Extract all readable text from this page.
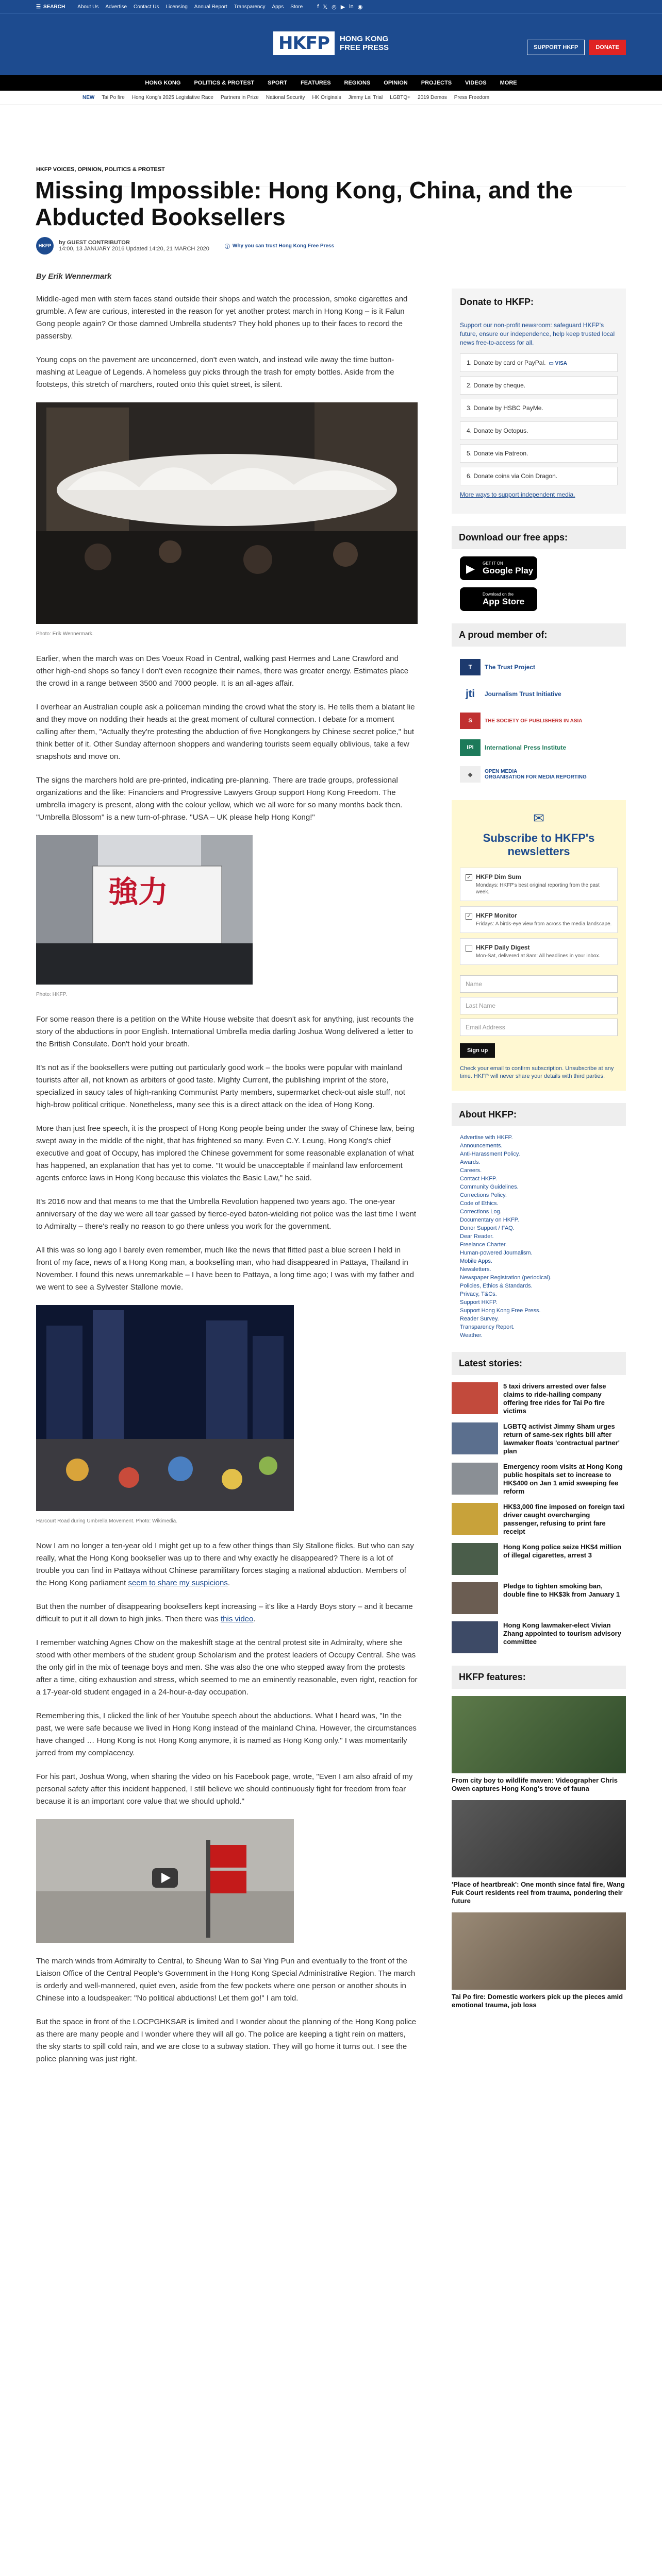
☰ SEARCH About Us Advertise Contact Us Licensing Annual Report Transparency Apps Store	f 𝕏 ◎ ▶ in ◉
HKFP	HONG KONG
FREE PRESS	SUPPORT HKFP	DONATE
HONG KONG POLITICS & PROTEST SPORT FEATURES REGIONS OPINION PROJECTS VIDEOS MORE
NEW Tai Po fire Hong Kong's 2025 Legislative Race Partners in Prize National Security HK Originals Jimmy Lai Trial LGBTQ+ 2019 Demos Press Freedom
HKFP VOICES, OPINION, POLITICS & PROTEST
Missing Impossible: Hong Kong, China, and the Abducted Booksellers
HKFP	by GUEST CONTRIBUTOR
14:00, 13 JANUARY 2016 Updated 14:20, 21 MARCH 2020	ⓘ Why you can trust Hong Kong Free Press
By Erik Wennermark

Middle-aged men with stern faces stand outside their shops and watch the procession, smoke cigarettes and grumble. A few are curious, interested in the reason for yet another protest march in Hong Kong – is it Falun Gong people again? Or those damned Umbrella students? They hold phones up to their faces to record the passersby.

Young cops on the pavement are unconcerned, don't even watch, and instead wile away the time button-mashing at League of Legends. A homeless guy picks through the trash for empty bottles. Aside from the footsteps, this stretch of marchers, routed onto this quiet street, is silent.

Photo: Erik Wennermark.

Earlier, when the march was on Des Voeux Road in Central, walking past Hermes and Lane Crawford and other high-end shops so fancy I don't even recognize their names, there was greater energy. Estimates place the crowd in a range between 3500 and 7000 people. It is an all-ages affair.

I overhear an Australian couple ask a policeman minding the crowd what the story is. He tells them a blatant lie and they move on nodding their heads at the great moment of cultural connection. I debate for a moment calling after them, "Actually they're protesting the abduction of five Hongkongers by Chinese secret police," but think better of it. Other Sunday afternoon shoppers and wandering tourists seem equally oblivious, take a few snapshots and move on.

The signs the marchers hold are pre-printed, indicating pre-planning. There are trade groups, professional organizations and the like: Financiers and Progressive Lawyers Group support Hong Kong Freedom. The umbrella imagery is present, along with the colour yellow, which we all wore for so many months back then. "Umbrella Blossom" is a new turn-of-phrase. "USA – UK please help Hong Kong!"

強力
Photo: HKFP.

For some reason there is a petition on the White House website that doesn't ask for anything, just recounts the story of the abductions in poor English. International Umbrella media darling Joshua Wong delivered a letter to the British Consulate. Don't hold your breath.

It's not as if the booksellers were putting out particularly good work – the books were popular with mainland tourists after all, not known as arbiters of good taste. Mighty Current, the publishing imprint of the store, specialized in saucy tales of high-ranking Communist Party members, supermarket check-out aisle stuff, not high-brow political critique. Nonetheless, many see this is a direct attack on the idea of Hong Kong.

More than just free speech, it is the prospect of Hong Kong people being under the sway of Chinese law, being swept away in the middle of the night, that has frightened so many. Even C.Y. Leung, Hong Kong's chief executive and goat of Occupy, has implored the Chinese government for some reasonable explanation of what has happened, an explanation that has yet to come. "It would be unacceptable if mainland law enforcement agents enforce laws in Hong Kong because this violates the Basic Law," he said.

It's 2016 now and that means to me that the Umbrella Revolution happened two years ago. The one-year anniversary of the day we were all tear gassed by fierce-eyed baton-wielding riot police was the last time I went to Admiralty – there's really no reason to go there unless you work for the government.

All this was so long ago I barely even remember, much like the news that flitted past a blue screen I held in front of my face, news of a Hong Kong man, a bookselling man, who had disappeared in Pattaya, Thailand in November. I found this news unremarkable – I have been to Pattaya, a long time ago; I was with my father and we went to see a Sylvester Stallone movie.

Harcourt Road during Umbrella Movement. Photo: Wikimedia.

Now I am no longer a ten-year old I might get up to a few other things than Sly Stallone flicks. But who can say really, what the Hong Kong bookseller was up to there and why exactly he disappeared? There is a lot of trouble you can find in Pattaya without Chinese paramilitary forces staging a national abduction. Members of the Hong Kong parliament seem to share my suspicions.

But then the number of disappearing booksellers kept increasing – it's like a Hardy Boys story – and it became difficult to put it all down to high jinks. Then there was this video.

I remember watching Agnes Chow on the makeshift stage at the central protest site in Admiralty, where she stood with other members of the student group Scholarism and the protest leaders of Occupy Central. She was the only girl in the mix of teenage boys and men. She was also the one who stepped away from the protests after a time, citing exhaustion and stress, which seemed to me an eminently reasonable, even right, reaction for a 17-year-old student engaged in a 24-hour-a-day occupation.

Remembering this, I clicked the link of her Youtube speech about the abductions. What I heard was, "In the past, we were safe because we lived in Hong Kong instead of the mainland China. However, the circumstances have changed … Hong Kong is not Hong Kong anymore, it is named as Hong Kong only." I was momentarily jarred from my complacency.

For his part, Joshua Wong, when sharing the video on his Facebook page, wrote, "Even I am also afraid of my personal safety after this incident happened, I still believe we should continuously fight for freedom from fear because it is an important core value that we should uphold."

The march winds from Admiralty to Central, to Sheung Wan to Sai Ying Pun and eventually to the front of the Liaison Office of the Central People's Government in the Hong Kong Special Administrative Region. The march is orderly and well-mannered, quiet even, aside from the few pockets where one person or another shouts in Chinese into a loudspeaker: "No political abductions! Let them go!" I am told.

But the space in front of the LOCPGHKSAR is limited and I wonder about the planning of the Hong Kong police as there are many people and I wonder where they will all go. The police are keeping a tight rein on matters, the sky starts to spill cold rain, and we are close to a subway station. They will go home it turns out. I see the police planning was just right.

Donate to HKFP:

Support our non-profit newsroom: safeguard HKFP's future, ensure our independence, help keep trusted local news free-to-access for all.

1. Donate by card or PayPal. ▭ VISA
2. Donate by cheque.
3. Donate by HSBC PayMe.
4. Donate by Octopus.
5. Donate via Patreon.
6. Donate coins via Coin Dragon.

More ways to support independent media.

Download our free apps:
▶ GET IT ON
Google Play
Download on the
App Store
A proud member of:
T	The Trust Project
jti	Journalism Trust Initiative
S	THE SOCIETY OF PUBLISHERS IN ASIA
IPI	International Press Institute
◆	OPEN MEDIA
ORGANISATION FOR MEDIA REPORTING
✉
Subscribe to HKFP's newsletters
✓ HKFP Dim Sum
Mondays: HKFP's best original reporting from the past week.
✓ HKFP Monitor
Fridays: A birds-eye view from across the media landscape.
HKFP Daily Digest
Mon-Sat, delivered at 8am: All headlines in your inbox.
Name
Last Name
Email Address
Sign up

Check your email to confirm subscription. Unsubscribe at any time. HKFP will never share your details with third parties.

About HKFP:
Advertise with HKFP.
Announcements.
Anti-Harassment Policy.
Awards.
Careers.
Contact HKFP.
Community Guidelines.
Corrections Policy.
Code of Ethics.
Corrections Log.
Documentary on HKFP.
Donor Support / FAQ.
Dear Reader.
Freelance Charter.
Human-powered Journalism.
Mobile Apps.
Newsletters.
Newspaper Registration (periodical).
Policies, Ethics & Standards.
Privacy, T&Cs.
Support HKFP.
Support Hong Kong Free Press.
Reader Survey.
Transparency Report.
Weather.
Latest stories:
5 taxi drivers arrested over false claims to ride-hailing company offering free rides for Tai Po fire victims
LGBTQ activist Jimmy Sham urges return of same-sex rights bill after lawmaker floats 'contractual partner' plan
Emergency room visits at Hong Kong public hospitals set to increase to HK$400 on Jan 1 amid sweeping fee reform
HK$3,000 fine imposed on foreign taxi driver caught overcharging passenger, refusing to print fare receipt
Hong Kong police seize HK$4 million of illegal cigarettes, arrest 3
Pledge to tighten smoking ban, double fine to HK$3k from January 1
Hong Kong lawmaker-elect Vivian Zhang appointed to tourism advisory committee
HKFP features:
From city boy to wildlife maven: Videographer Chris Owen captures Hong Kong's trove of fauna
'Place of heartbreak': One month since fatal fire, Wang Fuk Court residents reel from trauma, pondering their future
Tai Po fire: Domestic workers pick up the pieces amid emotional trauma, job loss
